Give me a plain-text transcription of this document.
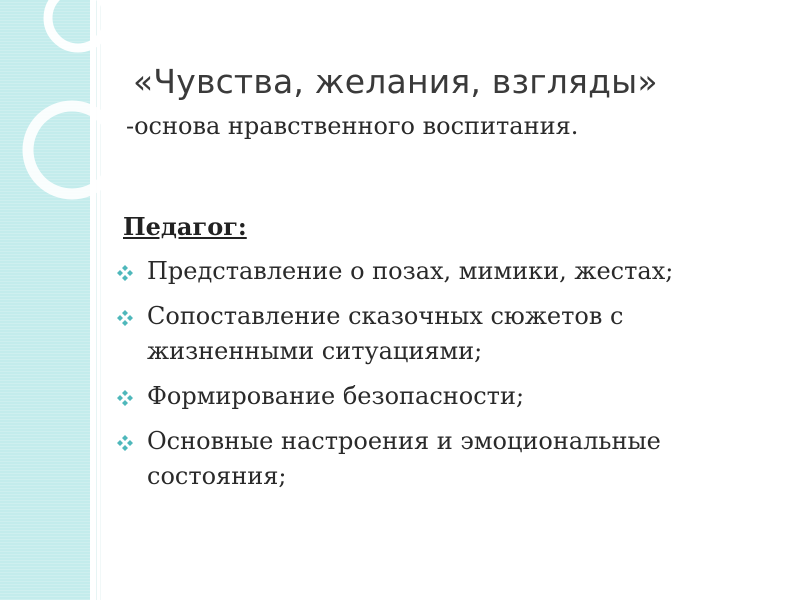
«Чувства, желания, взгляды»
-основа нравственного воспитания.
Педагог:
Представление о позах, мимики, жестах;
Сопоставление сказочных сюжетов с жизненными ситуациями;
Формирование безопасности;
Основные настроения и эмоциональные состояния;
